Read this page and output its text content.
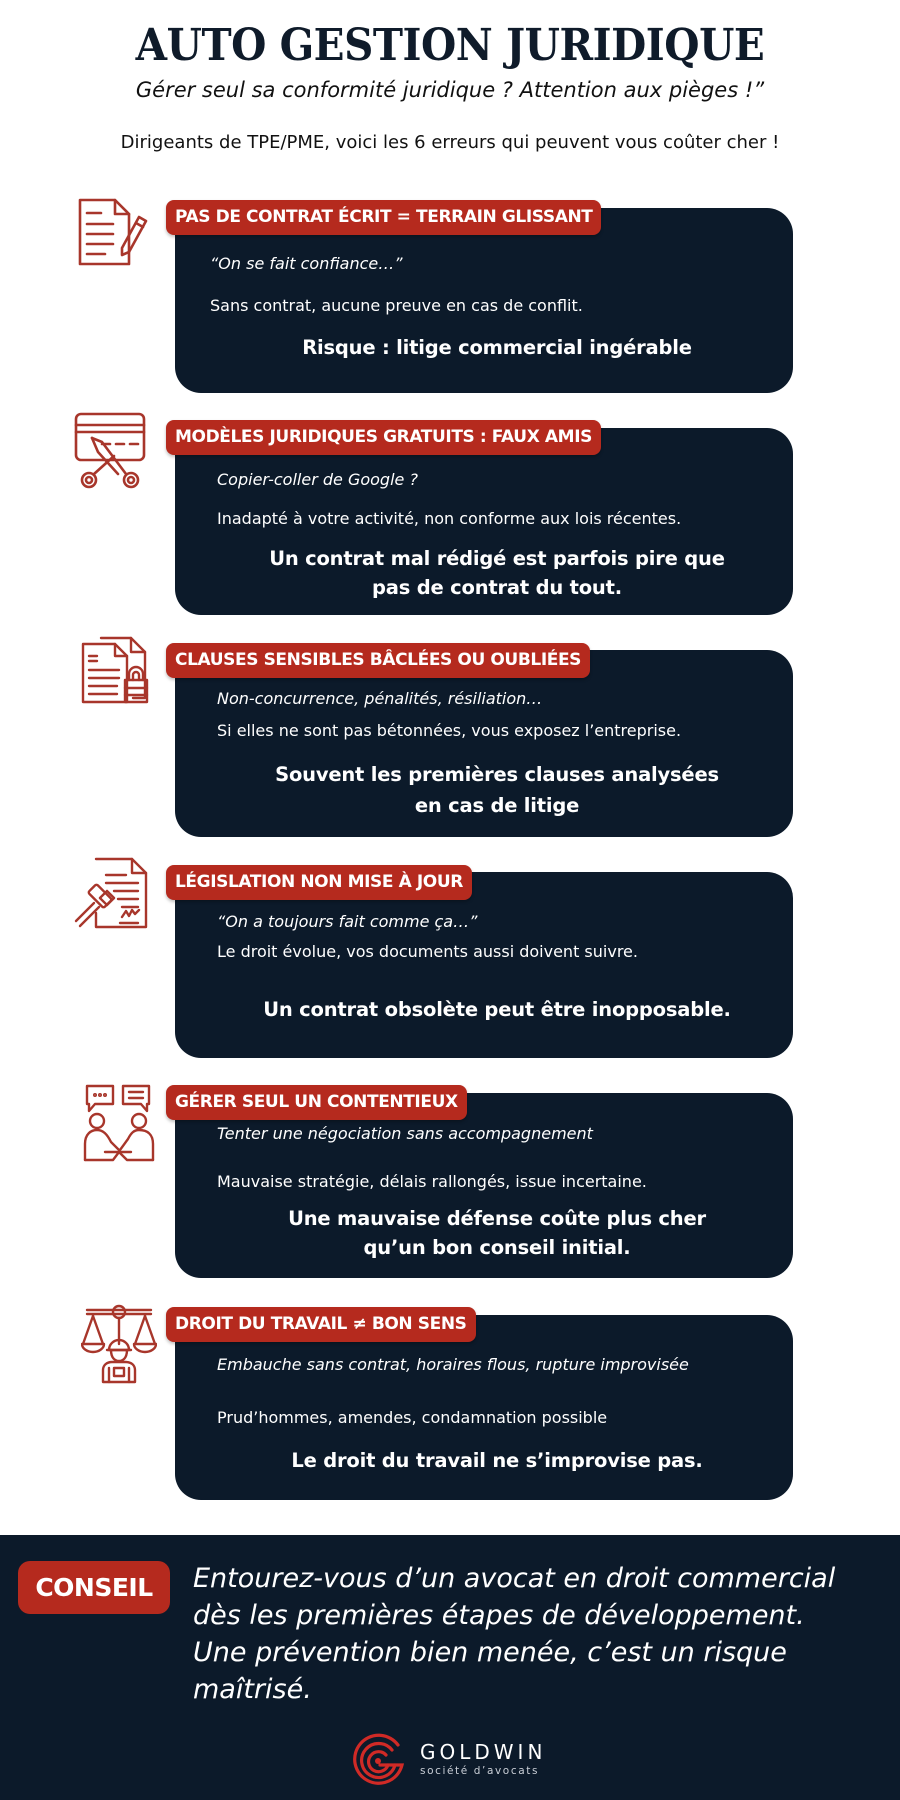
AUTO GESTION JURIDIQUE
Gérer seul sa conformité juridique ? Attention aux pièges !”
Dirigeants de TPE/PME, voici les 6 erreurs qui peuvent vous coûter cher !
PAS DE CONTRAT ÉCRIT = TERRAIN GLISSANT
“On se fait confiance…”
Sans contrat, aucune preuve en cas de conflit.
Risque : litige commercial ingérable
MODÈLES JURIDIQUES GRATUITS : FAUX AMIS
Copier-coller de Google ?
Inadapté à votre activité, non conforme aux lois récentes.
Un contrat mal rédigé est parfois pire que
pas de contrat du tout.
CLAUSES SENSIBLES BÂCLÉES OU OUBLIÉES
Non-concurrence, pénalités, résiliation…
Si elles ne sont pas bétonnées, vous exposez l’entreprise.
Souvent les premières clauses analysées
en cas de litige
LÉGISLATION NON MISE À JOUR
“On a toujours fait comme ça…”
Le droit évolue, vos documents aussi doivent suivre.
Un contrat obsolète peut être inopposable.
GÉRER SEUL UN CONTENTIEUX
Tenter une négociation sans accompagnement
Mauvaise stratégie, délais rallongés, issue incertaine.
Une mauvaise défense coûte plus cher
qu’un bon conseil initial.
DROIT DU TRAVAIL ≠ BON SENS
Embauche sans contrat, horaires flous, rupture improvisée
Prud’hommes, amendes, condamnation possible
Le droit du travail ne s’improvise pas.
CONSEIL	Entourez-vous d’un avocat en droit commercial
dès les premières étapes de développement.
Une prévention bien menée, c’est un risque
maîtrisé.
GOLDWIN
société d’avocats
